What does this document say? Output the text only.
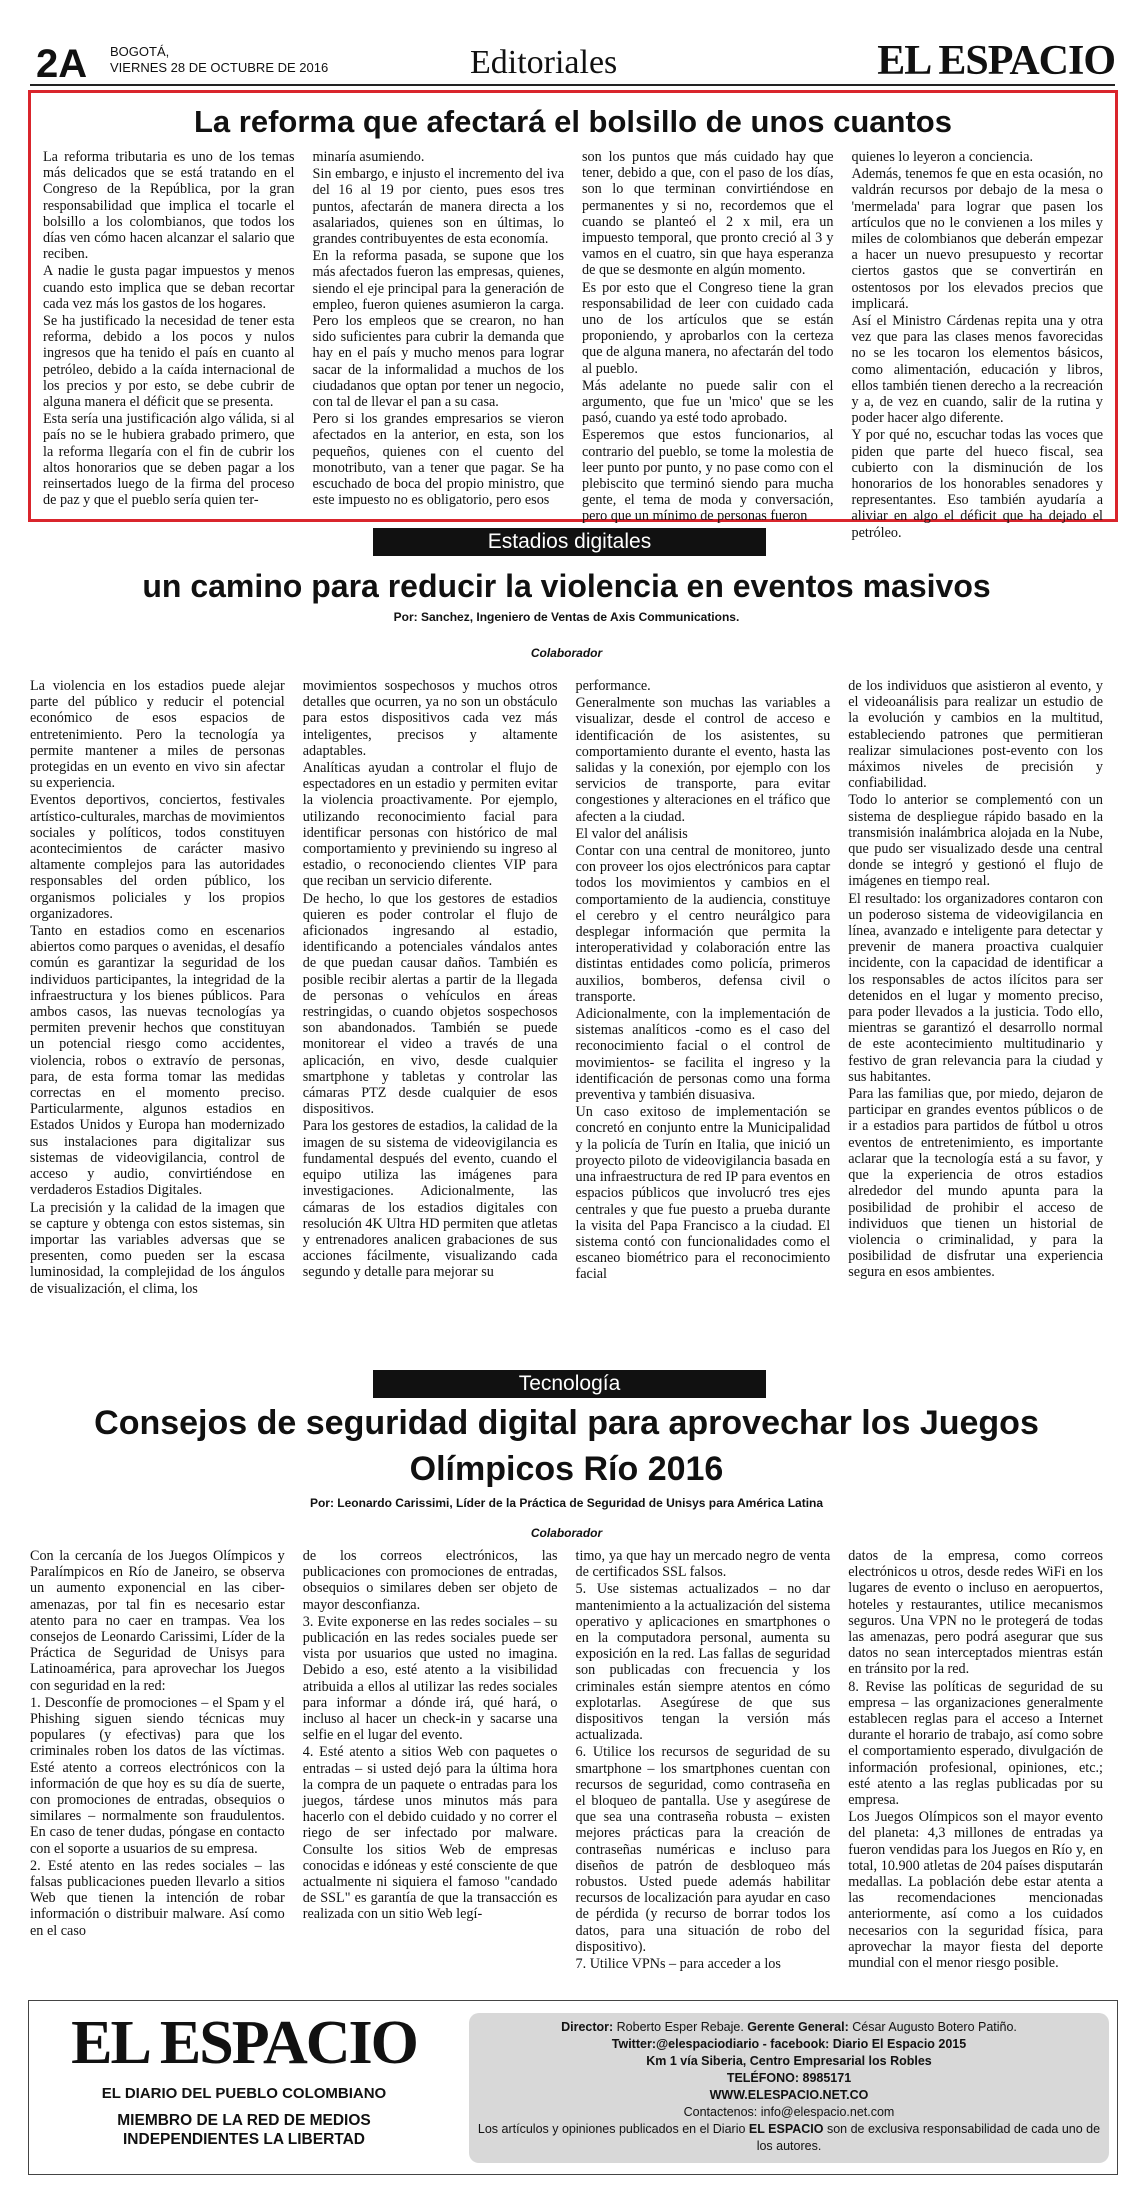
2A BOGOTÁ,
VIERNES 28 DE OCTUBRE DE 2016	Editoriales	EL ESPACIO
La reforma que afectará el bolsillo de unos cuantos

La reforma tributaria es uno de los temas más delicados que se está tratando en el Congreso de la República, por la gran responsabilidad que implica el tocarle el bolsillo a los colombianos, que todos los días ven cómo hacen alcanzar el salario que reciben.

A nadie le gusta pagar impuestos y menos cuando esto implica que se deban recortar cada vez más los gastos de los hogares.

Se ha justificado la necesidad de tener esta reforma, debido a los pocos y nulos ingresos que ha tenido el país en cuanto al petróleo, debido a la caída internacional de los precios y por esto, se debe cubrir de alguna manera el déficit que se presenta.

Esta sería una justificación algo válida, si al país no se le hubiera grabado primero, que la reforma llegaría con el fin de cubrir los altos honorarios que se deben pagar a los reinsertados luego de la firma del proceso de paz y que el pueblo sería quien ter-

minaría asumiendo.

Sin embargo, e injusto el incremento del iva del 16 al 19 por ciento, pues esos tres puntos, afectarán de manera directa a los asalariados, quienes son en últimas, lo grandes contribuyentes de esta economía.

En la reforma pasada, se supone que los más afectados fueron las empresas, quienes, siendo el eje principal para la generación de empleo, fueron quienes asumieron la carga. Pero los empleos que se crearon, no han sido suficientes para cubrir la demanda que hay en el país y mucho menos para lograr sacar de la informalidad a muchos de los ciudadanos que optan por tener un negocio, con tal de llevar el pan a su casa.

Pero si los grandes empresarios se vieron afectados en la anterior, en esta, son los pequeños, quienes con el cuento del monotributo, van a tener que pagar. Se ha escuchado de boca del propio ministro, que este impuesto no es obligatorio, pero esos

son los puntos que más cuidado hay que tener, debido a que, con el paso de los días, son lo que terminan convirtiéndose en permanentes y si no, recordemos que el cuando se planteó el 2 x mil, era un impuesto temporal, que pronto creció al 3 y vamos en el cuatro, sin que haya esperanza de que se desmonte en algún momento.

Es por esto que el Congreso tiene la gran responsabilidad de leer con cuidado cada uno de los artículos que se están proponiendo, y aprobarlos con la certeza que de alguna manera, no afectarán del todo al pueblo.

Más adelante no puede salir con el argumento, que fue un 'mico' que se les pasó, cuando ya esté todo aprobado.

Esperemos que estos funcionarios, al contrario del pueblo, se tome la molestia de leer punto por punto, y no pase como con el plebiscito que terminó siendo para mucha gente, el tema de moda y conversación, pero que un mínimo de personas fueron

quienes lo leyeron a conciencia.

Además, tenemos fe que en esta ocasión, no valdrán recursos por debajo de la mesa o 'mermelada' para lograr que pasen los artículos que no le convienen a los miles y miles de colombianos que deberán empezar a hacer un nuevo presupuesto y recortar ciertos gastos que se convertirán en ostentosos por los elevados precios que implicará.

Así el Ministro Cárdenas repita una y otra vez que para las clases menos favorecidas no se les tocaron los elementos básicos, como alimentación, educación y libros, ellos también tienen derecho a la recreación y a, de vez en cuando, salir de la rutina y poder hacer algo diferente.

Y por qué no, escuchar todas las voces que piden que parte del hueco fiscal, sea cubierto con la disminución de los honorarios de los honorables senadores y representantes. Eso también ayudaría a aliviar en algo el déficit que ha dejado el petróleo.

Estadios digitales
un camino para reducir la violencia en eventos masivos
Por: Sanchez, Ingeniero de Ventas de Axis Communications.
Colaborador

La violencia en los estadios puede alejar parte del público y reducir el potencial económico de esos espacios de entretenimiento. Pero la tecnología ya permite mantener a miles de personas protegidas en un evento en vivo sin afectar su experiencia.

Eventos deportivos, conciertos, festivales artístico-culturales, marchas de movimientos sociales y políticos, todos constituyen acontecimientos de carácter masivo altamente complejos para las autoridades responsables del orden público, los organismos policiales y los propios organizadores.

Tanto en estadios como en escenarios abiertos como parques o avenidas, el desafío común es garantizar la seguridad de los individuos participantes, la integridad de la infraestructura y los bienes públicos. Para ambos casos, las nuevas tecnologías ya permiten prevenir hechos que constituyan un potencial riesgo como accidentes, violencia, robos o extravío de personas, para, de esta forma tomar las medidas correctas en el momento preciso. Particularmente, algunos estadios en Estados Unidos y Europa han modernizado sus instalaciones para digitalizar sus sistemas de videovigilancia, control de acceso y audio, convirtiéndose en verdaderos Estadios Digitales.

La precisión y la calidad de la imagen que se capture y obtenga con estos sistemas, sin importar las variables adversas que se presenten, como pueden ser la escasa luminosidad, la complejidad de los ángulos de visualización, el clima, los

movimientos sospechosos y muchos otros detalles que ocurren, ya no son un obstáculo para estos dispositivos cada vez más inteligentes, precisos y altamente adaptables.

Analíticas ayudan a controlar el flujo de espectadores en un estadio y permiten evitar la violencia proactivamente. Por ejemplo, utilizando reconocimiento facial para identificar personas con histórico de mal comportamiento y previniendo su ingreso al estadio, o reconociendo clientes VIP para que reciban un servicio diferente.

De hecho, lo que los gestores de estadios quieren es poder controlar el flujo de aficionados ingresando al estadio, identificando a potenciales vándalos antes de que puedan causar daños. También es posible recibir alertas a partir de la llegada de personas o vehículos en áreas restringidas, o cuando objetos sospechosos son abandonados. También se puede monitorear el video a través de una aplicación, en vivo, desde cualquier smartphone y tabletas y controlar las cámaras PTZ desde cualquier de esos dispositivos.

Para los gestores de estadios, la calidad de la imagen de su sistema de videovigilancia es fundamental después del evento, cuando el equipo utiliza las imágenes para investigaciones. Adicionalmente, las cámaras de los estadios digitales con resolución 4K Ultra HD permiten que atletas y entrenadores analicen grabaciones de sus acciones fácilmente, visualizando cada segundo y detalle para mejorar su

performance.

Generalmente son muchas las variables a visualizar, desde el control de acceso e identificación de los asistentes, su comportamiento durante el evento, hasta las salidas y la conexión, por ejemplo con los servicios de transporte, para evitar congestiones y alteraciones en el tráfico que afecten a la ciudad.

El valor del análisis

Contar con una central de monitoreo, junto con proveer los ojos electrónicos para captar todos los movimientos y cambios en el comportamiento de la audiencia, constituye el cerebro y el centro neurálgico para desplegar información que permita la interoperatividad y colaboración entre las distintas entidades como policía, primeros auxilios, bomberos, defensa civil o transporte.

Adicionalmente, con la implementación de sistemas analíticos -como es el caso del reconocimiento facial o el control de movimientos- se facilita el ingreso y la identificación de personas como una forma preventiva y también disuasiva.

Un caso exitoso de implementación se concretó en conjunto entre la Municipalidad y la policía de Turín en Italia, que inició un proyecto piloto de videovigilancia basada en una infraestructura de red IP para eventos en espacios públicos que involucró tres ejes centrales y que fue puesto a prueba durante la visita del Papa Francisco a la ciudad. El sistema contó con funcionalidades como el escaneo biométrico para el reconocimiento facial

de los individuos que asistieron al evento, y el videoanálisis para realizar un estudio de la evolución y cambios en la multitud, estableciendo patrones que permitieran realizar simulaciones post-evento con los máximos niveles de precisión y confiabilidad.

Todo lo anterior se complementó con un sistema de despliegue rápido basado en la transmisión inalámbrica alojada en la Nube, que pudo ser visualizado desde una central donde se integró y gestionó el flujo de imágenes en tiempo real.

El resultado: los organizadores contaron con un poderoso sistema de videovigilancia en línea, avanzado e inteligente para detectar y prevenir de manera proactiva cualquier incidente, con la capacidad de identificar a los responsables de actos ilícitos para ser detenidos en el lugar y momento preciso, para poder llevados a la justicia. Todo ello, mientras se garantizó el desarrollo normal de este acontecimiento multitudinario y festivo de gran relevancia para la ciudad y sus habitantes.

Para las familias que, por miedo, dejaron de participar en grandes eventos públicos o de ir a estadios para partidos de fútbol u otros eventos de entretenimiento, es importante aclarar que la tecnología está a su favor, y que la experiencia de otros estadios alrededor del mundo apunta para la posibilidad de prohibir el acceso de individuos que tienen un historial de violencia o criminalidad, y para la posibilidad de disfrutar una experiencia segura en esos ambientes.

Tecnología
Consejos de seguridad digital para aprovechar los Juegos
Olímpicos Río 2016
Por: Leonardo Carissimi, Líder de la Práctica de Seguridad de Unisys para América Latina
Colaborador

Con la cercanía de los Juegos Olímpicos y Paralímpicos en Río de Janeiro, se observa un aumento exponencial en las ciber-amenazas, por tal fin es necesario estar atento para no caer en trampas. Vea los consejos de Leonardo Carissimi, Líder de la Práctica de Seguridad de Unisys para Latinoamérica, para aprovechar los Juegos con seguridad en la red:

1. Desconfíe de promociones – el Spam y el Phishing siguen siendo técnicas muy populares (y efectivas) para que los criminales roben los datos de las víctimas. Esté atento a correos electrónicos con la información de que hoy es su día de suerte, con promociones de entradas, obsequios o similares – normalmente son fraudulentos. En caso de tener dudas, póngase en contacto con el soporte a usuarios de su empresa.

2. Esté atento en las redes sociales – las falsas publicaciones pueden llevarlo a sitios Web que tienen la intención de robar información o distribuir malware. Así como en el caso

de los correos electrónicos, las publicaciones con promociones de entradas, obsequios o similares deben ser objeto de mayor desconfianza.

3. Evite exponerse en las redes sociales – su publicación en las redes sociales puede ser vista por usuarios que usted no imagina. Debido a eso, esté atento a la visibilidad atribuida a ellos al utilizar las redes sociales para informar a dónde irá, qué hará, o incluso al hacer un check-in y sacarse una selfie en el lugar del evento.

4. Esté atento a sitios Web con paquetes o entradas – si usted dejó para la última hora la compra de un paquete o entradas para los juegos, tárdese unos minutos más para hacerlo con el debido cuidado y no correr el riego de ser infectado por malware. Consulte los sitios Web de empresas conocidas e idóneas y esté consciente de que actualmente ni siquiera el famoso "candado de SSL" es garantía de que la transacción es realizada con un sitio Web legí-

timo, ya que hay un mercado negro de venta de certificados SSL falsos.

5. Use sistemas actualizados – no dar mantenimiento a la actualización del sistema operativo y aplicaciones en smartphones o en la computadora personal, aumenta su exposición en la red. Las fallas de seguridad son publicadas con frecuencia y los criminales están siempre atentos en cómo explotarlas. Asegúrese de que sus dispositivos tengan la versión más actualizada.

6. Utilice los recursos de seguridad de su smartphone – los smartphones cuentan con recursos de seguridad, como contraseña en el bloqueo de pantalla. Use y asegúrese de que sea una contraseña robusta – existen mejores prácticas para la creación de contraseñas numéricas e incluso para diseños de patrón de desbloqueo más robustos. Usted puede además habilitar recursos de localización para ayudar en caso de pérdida (y recurso de borrar todos los datos, para una situación de robo del dispositivo).

7. Utilice VPNs – para acceder a los

datos de la empresa, como correos electrónicos u otros, desde redes WiFi en los lugares de evento o incluso en aeropuertos, hoteles y restaurantes, utilice mecanismos seguros. Una VPN no le protegerá de todas las amenazas, pero podrá asegurar que sus datos no sean interceptados mientras están en tránsito por la red.

8. Revise las políticas de seguridad de su empresa – las organizaciones generalmente establecen reglas para el acceso a Internet durante el horario de trabajo, así como sobre el comportamiento esperado, divulgación de información profesional, opiniones, etc.; esté atento a las reglas publicadas por su empresa.

Los Juegos Olímpicos son el mayor evento del planeta: 4,3 millones de entradas ya fueron vendidas para los Juegos en Río y, en total, 10.900 atletas de 204 países disputarán medallas. La población debe estar atenta a las recomendaciones mencionadas anteriormente, así como a los cuidados necesarios con la seguridad física, para aprovechar la mayor fiesta del deporte mundial con el menor riesgo posible.

EL ESPACIO
EL DIARIO DEL PUEBLO COLOMBIANO
MIEMBRO DE LA RED DE MEDIOS
INDEPENDIENTES LA LIBERTAD
Director: Roberto Esper Rebaje. Gerente General: César Augusto Botero Patiño.
Twitter:@elespaciodiario - facebook: Diario El Espacio 2015
Km 1 vía Siberia, Centro Empresarial los Robles
TELÉFONO: 8985171
WWW.ELESPACIO.NET.CO
Contactenos: info@elespacio.net.com
Los artículos y opiniones publicados en el Diario EL ESPACIO son de exclusiva responsabilidad de cada uno de los autores.
